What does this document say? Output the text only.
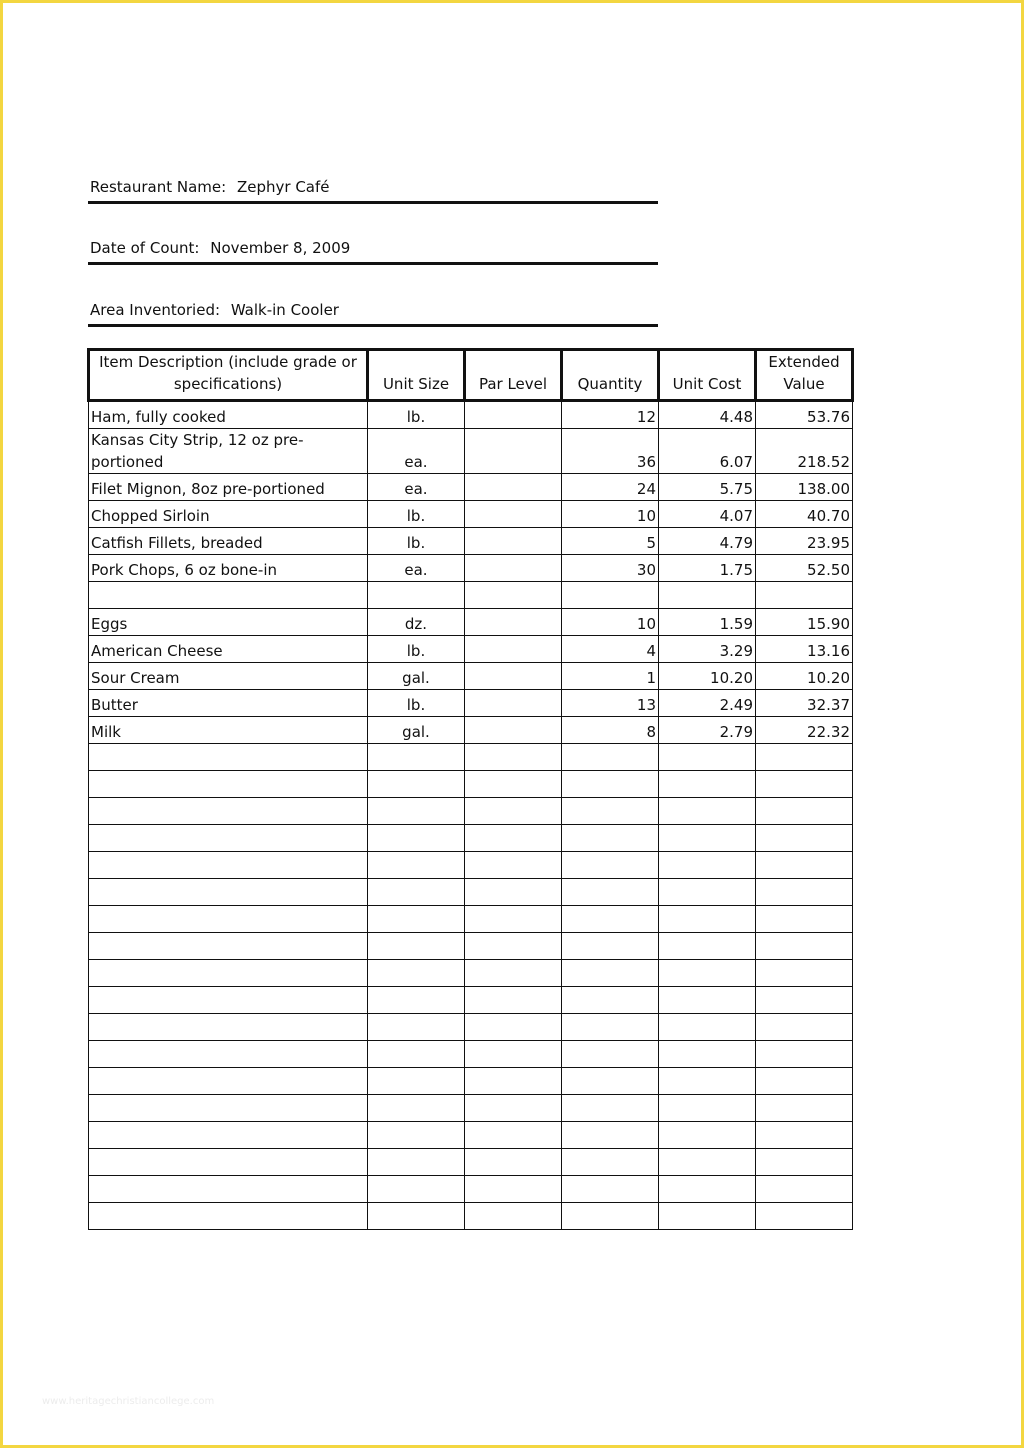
Restaurant Name: Zephyr Café
Date of Count: November 8, 2009
Area Inventoried: Walk-in Cooler
Item Description (include grade or specifications)	Unit Size	Par Level	Quantity	Unit Cost	Extended Value
Ham, fully cooked	lb.		12	4.48	53.76
Kansas City Strip, 12 oz pre-portioned	ea.		36	6.07	218.52
Filet Mignon, 8oz pre-portioned	ea.		24	5.75	138.00
Chopped Sirloin	lb.		10	4.07	40.70
Catfish Fillets, breaded	lb.		5	4.79	23.95
Pork Chops, 6 oz bone-in	ea.		30	1.75	52.50

Eggs	dz.		10	1.59	15.90
American Cheese	lb.		4	3.29	13.16
Sour Cream	gal.		1	10.20	10.20
Butter	lb.		13	2.49	32.37
Milk	gal.		8	2.79	22.32

www.heritagechristiancollege.com
